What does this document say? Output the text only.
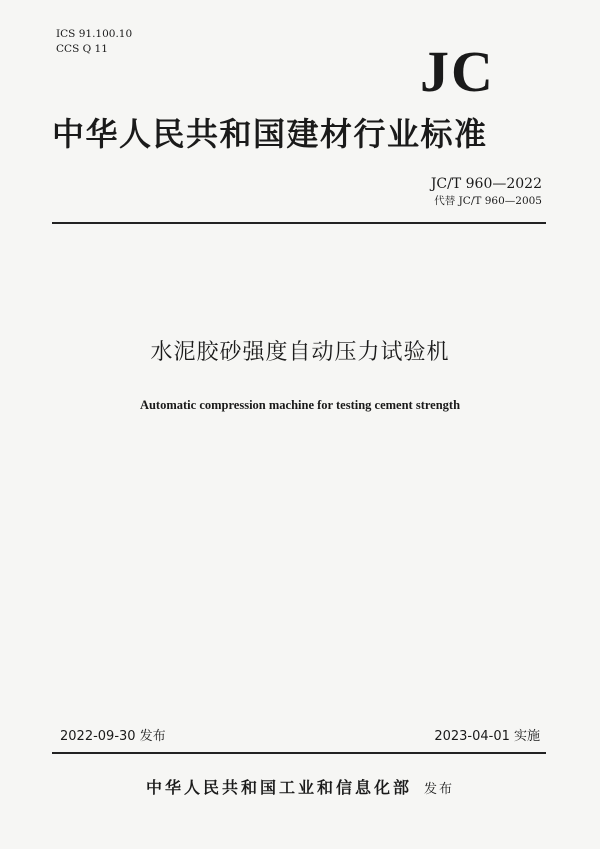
ICS 91.100.10
CCS Q 11	JC
中华人民共和国建材行业标准
JC/T 960—2022
代替 JC/T 960—2005
水泥胶砂强度自动压力试验机
Automatic compression machine for testing cement strength
2022-09-30 发布	2023-04-01 实施
中华人民共和国工业和信息化部 发布
